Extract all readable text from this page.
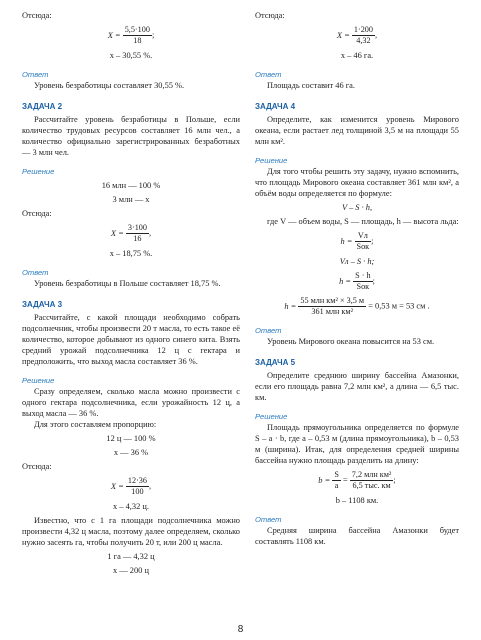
Отсюда:

$X = \frac{5,5\cdot 100}{18}$ ;

x – 30,55 %.

Ответ

Уровень безработицы составляет 30,55 %.

ЗАДАЧА 2

Рассчитайте уровень безработицы в Польше, если количество трудовых ресурсов составляет 16 млн чел., а количество официально зарегистрированных безработных — 3 млн чел.

Решение

16 млн — 100 %

3 млн — x

Отсюда:

$X = \frac{3\cdot 100}{16}$ ,

x – 18,75 %.

Ответ

Уровень безработицы в Польше составляет 18,75 %.

ЗАДАЧА 3

Рассчитайте, с какой площади необходимо собрать подсолнечник, чтобы произвести 20 т масла, то есть такое её количество, которое добывают из одного синего кита. Взять средний урожай подсолнечника 12 ц с гектара и предположить, что выход масла составляет 36 %.

Решение

Сразу определяем, сколько масла можно произвести с одного гектара подсолнечника, если урожайность 12 ц, а выход масла — 36 %.

Для этого составляем пропорцию:

12 ц — 100 %

x — 36 %

Отсюда:

$X = \frac{12\cdot 36}{100}$ ,

x – 4,32 ц.

Известно, что с 1 га площади подсолнечника можно произвести 4,32 ц масла, поэтому далее определяем, сколько нужно засеять га, чтобы получить 20 т, или 200 ц масла.

1 га — 4,32 ц

x — 200 ц

Отсюда:

$X = \frac{1\cdot 200}{4,32}$ ,

x – 46 га.

Ответ

Площадь составит 46 га.

ЗАДАЧА 4

Определите, как изменится уровень Мирового океана, если растает лед толщиной 3,5 м на площади 55 млн км².

Решение

Для того чтобы решить эту задачу, нужно вспомнить, что площадь Мирового океана составляет 361 млн км², а объём воды определяется по формуле:

V – S · h,

где V — объем воды, S — площадь, h — высота льда:

$h = \frac{Vл}{\text{Sок}}$ ;

Vл – S · h;

$h = \frac{S \cdot h}{\text{Sок}}$ ;
$h = \frac{\text{55 млн км² × 3,5 м}}{\text{361 млн км²}} = 0,53$ м = 53 см .
Ответ

Уровень Мирового океана повысится на 53 см.

ЗАДАЧА 5

Определите среднюю ширину бассейна Амазонки, если его площадь равна 7,2 млн км², а длина — 6,5 тыс. км.

Решение

Площадь прямоугольника определяется по формуле S – a · b, где a – 0,53 м (длина прямоугольника), b – 0,53 м (ширина). Итак, для определения средней ширины бассейна нужно площадь разделить на длину:

$b = \frac{S}{a} = \frac{\text{7,2 млн км²}}{\text{6,5 тыс. км}}$ ;

b – 1108 км.

Ответ

Средняя ширина бассейна Амазонки будет составлять 1108 км.

8
